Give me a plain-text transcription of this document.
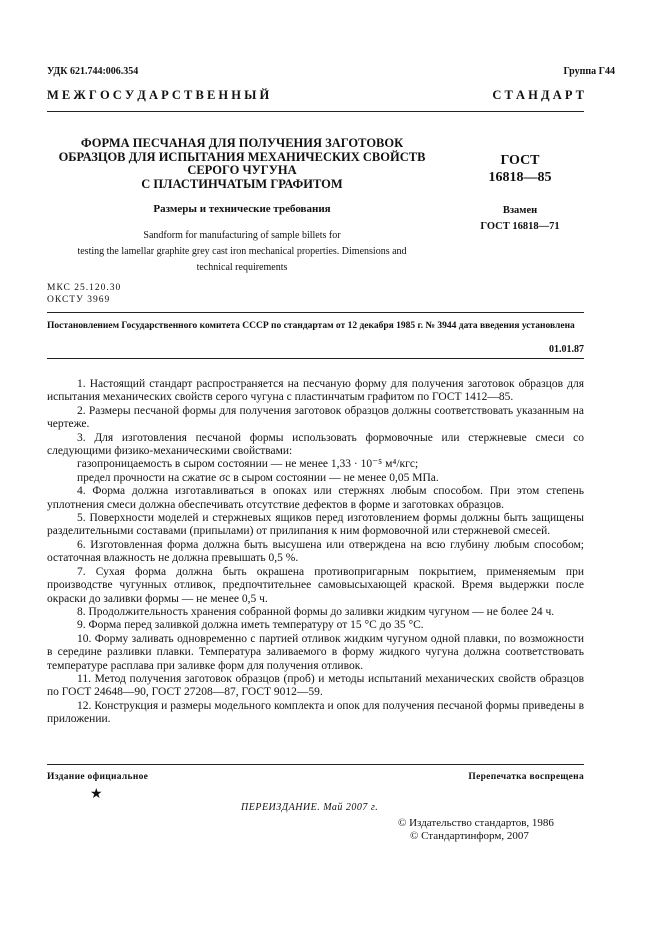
УДК 621.744:006.354	Группа Г44
М Е Ж Г О С У Д А Р С Т В Е Н Н Ы Й	С Т А Н Д А Р Т
ФОРМА ПЕСЧАНАЯ ДЛЯ ПОЛУЧЕНИЯ ЗАГОТОВОК
ОБРАЗЦОВ ДЛЯ ИСПЫТАНИЯ МЕХАНИЧЕСКИХ СВОЙСТВ
СЕРОГО ЧУГУНА
С ПЛАСТИНЧАТЫМ ГРАФИТОМ
Размеры и технические требования
Sandform for manufacturing of sample billets for
testing the lamellar graphite grey cast iron mechanical properties. Dimensions and
technical requirements
ГОСТ
16818—85
Взамен
ГОСТ 16818—71
МКС 25.120.30
ОКСТУ 3969
Постановлением Государственного комитета СССР по стандартам от 12 декабря 1985 г. № 3944 дата введения установлена
01.01.87

1. Настоящий стандарт распространяется на песчаную форму для получения заготовок образцов для испытания механических свойств серого чугуна с пластинчатым графитом по ГОСТ 1412—85.

2. Размеры песчаной формы для получения заготовок образцов должны соответствовать указанным на чертеже.

3. Для изготовления песчаной формы использовать формовочные или стержневые смеси со следующими физико-механическими свойствами:

газопроницаемость в сыром состоянии — не менее 1,33 · 10⁻⁵ м⁴/кгс;

предел прочности на сжатие σc в сыром состоянии — не менее 0,05 МПа.

4. Форма должна изготавливаться в опоках или стержнях любым способом. При этом степень уплотнения смеси должна обеспечивать отсутствие дефектов в форме и заготовках образцов.

5. Поверхности моделей и стержневых ящиков перед изготовлением формы должны быть защищены разделительными составами (припылами) от прилипания к ним формовочной или стержневой смесей.

6. Изготовленная форма должна быть высушена или отверждена на всю глубину любым способом; остаточная влажность не должна превышать 0,5 %.

7. Сухая форма должна быть окрашена противопригарным покрытием, применяемым при производстве чугунных отливок, предпочтительнее самовысыхающей краской. Время выдержки после окраски до заливки формы — не менее 0,5 ч.

8. Продолжительность хранения собранной формы до заливки жидким чугуном — не более 24 ч.

9. Форма перед заливкой должна иметь температуру от 15 °С до 35 °С.

10. Форму заливать одновременно с партией отливок жидким чугуном одной плавки, по возможности в середине разливки плавки. Температура заливаемого в форму жидкого чугуна должна соответствовать температуре расплава при заливке форм для получения отливок.

11. Метод получения заготовок образцов (проб) и методы испытаний механических свойств образцов по ГОСТ 24648—90, ГОСТ 27208—87, ГОСТ 9012—59.

12. Конструкция и размеры модельного комплекта и опок для получения песчаной формы приведены в приложении.

Издание официальное	Перепечатка воспрещена
★
ПЕРЕИЗДАНИЕ. Май 2007 г.
© Издательство стандартов, 1986
© Стандартинформ, 2007
